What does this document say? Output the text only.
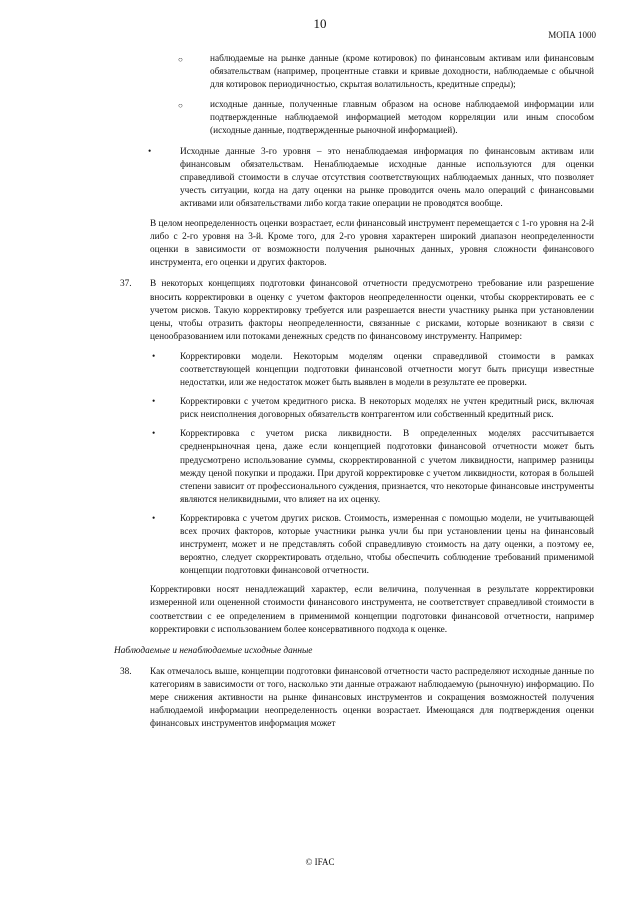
10
МОПА 1000
○	наблюдаемые на рынке данные (кроме котировок) по финансовым активам или финансовым обязательствам (например, процентные ставки и кривые доходности, наблюдаемые с обычной для котировок периодичностью, скрытая волатильность, кредитные спреды);

○	исходные данные, полученные главным образом на основе наблюдаемой информации или подтвержденные наблюдаемой информацией методом корреляции или иным способом (исходные данные, подтвержденные рыночной информацией).

•	Исходные данные 3-го уровня – это ненаблюдаемая информация по финансовым активам или финансовым обязательствам. Ненаблюдаемые исходные данные используются для оценки справедливой стоимости в случае отсутствия соответствующих наблюдаемых данных, что позволяет учесть ситуации, когда на дату оценки на рынке проводится очень мало операций с финансовыми активами или обязательствами либо когда такие операции не проводятся вообще.

В целом неопределенность оценки возрастает, если финансовый инструмент перемещается с 1-го уровня на 2-й либо с 2-го уровня на 3-й. Кроме того, для 2-го уровня характерен широкий диапазон неопределенности оценки в зависимости от возможности получения рыночных данных, уровня сложности финансового инструмента, его оценки и других факторов.

37. В некоторых концепциях подготовки финансовой отчетности предусмотрено требование или разрешение вносить корректировки в оценку с учетом факторов неопределенности оценки, чтобы скорректировать ее с учетом рисков. Такую корректировку требуется или разрешается внести участнику рынка при установлении цены, чтобы отразить факторы неопределенности, связанные с рисками, которые возникают в связи с ценообразованием или потоками денежных средств по финансовому инструменту. Например:

•	Корректировки модели. Некоторым моделям оценки справедливой стоимости в рамках соответствующей концепции подготовки финансовой отчетности могут быть присущи известные недостатки, или же недостаток может быть выявлен в модели в результате ее проверки.

•	Корректировки с учетом кредитного риска. В некоторых моделях не учтен кредитный риск, включая риск неисполнения договорных обязательств контрагентом или собственный кредитный риск.

•	Корректировка с учетом риска ликвидности. В определенных моделях рассчитывается средненрыночная цена, даже если концепцией подготовки финансовой отчетности может быть предусмотрено использование суммы, скорректированной с учетом ликвидности, например разницы между ценой покупки и продажи. При другой корректировке с учетом ликвидности, которая в большей степени зависит от профессионального суждения, признается, что некоторые финансовые инструменты являются неликвидными, что влияет на их оценку.

•	Корректировка с учетом других рисков. Стоимость, измеренная с помощью модели, не учитывающей всех прочих факторов, которые участники рынка учли бы при установлении цены на финансовый инструмент, может и не представлять собой справедливую стоимость на дату оценки, а поэтому ее, вероятно, следует скорректировать отдельно, чтобы обеспечить соблюдение требований применимой концепции подготовки финансовой отчетности.

Корректировки носят ненадлежащий характер, если величина, полученная в результате корректировки измеренной или оцененной стоимости финансового инструмента, не соответствует справедливой стоимости в соответствии с ее определением в применимой концепции подготовки финансовой отчетности, например корректировки с использованием более консервативного подхода к оценке.

Наблюдаемые и ненаблюдаемые исходные данные

38. Как отмечалось выше, концепции подготовки финансовой отчетности часто распределяют исходные данные по категориям в зависимости от того, насколько эти данные отражают наблюдаемую (рыночную) информацию. По мере снижения активности на рынке финансовых инструментов и сокращения возможностей получения наблюдаемой информации неопределенность оценки возрастает. Имеющаяся для подтверждения оценки финансовых инструментов информация может

© IFAC
